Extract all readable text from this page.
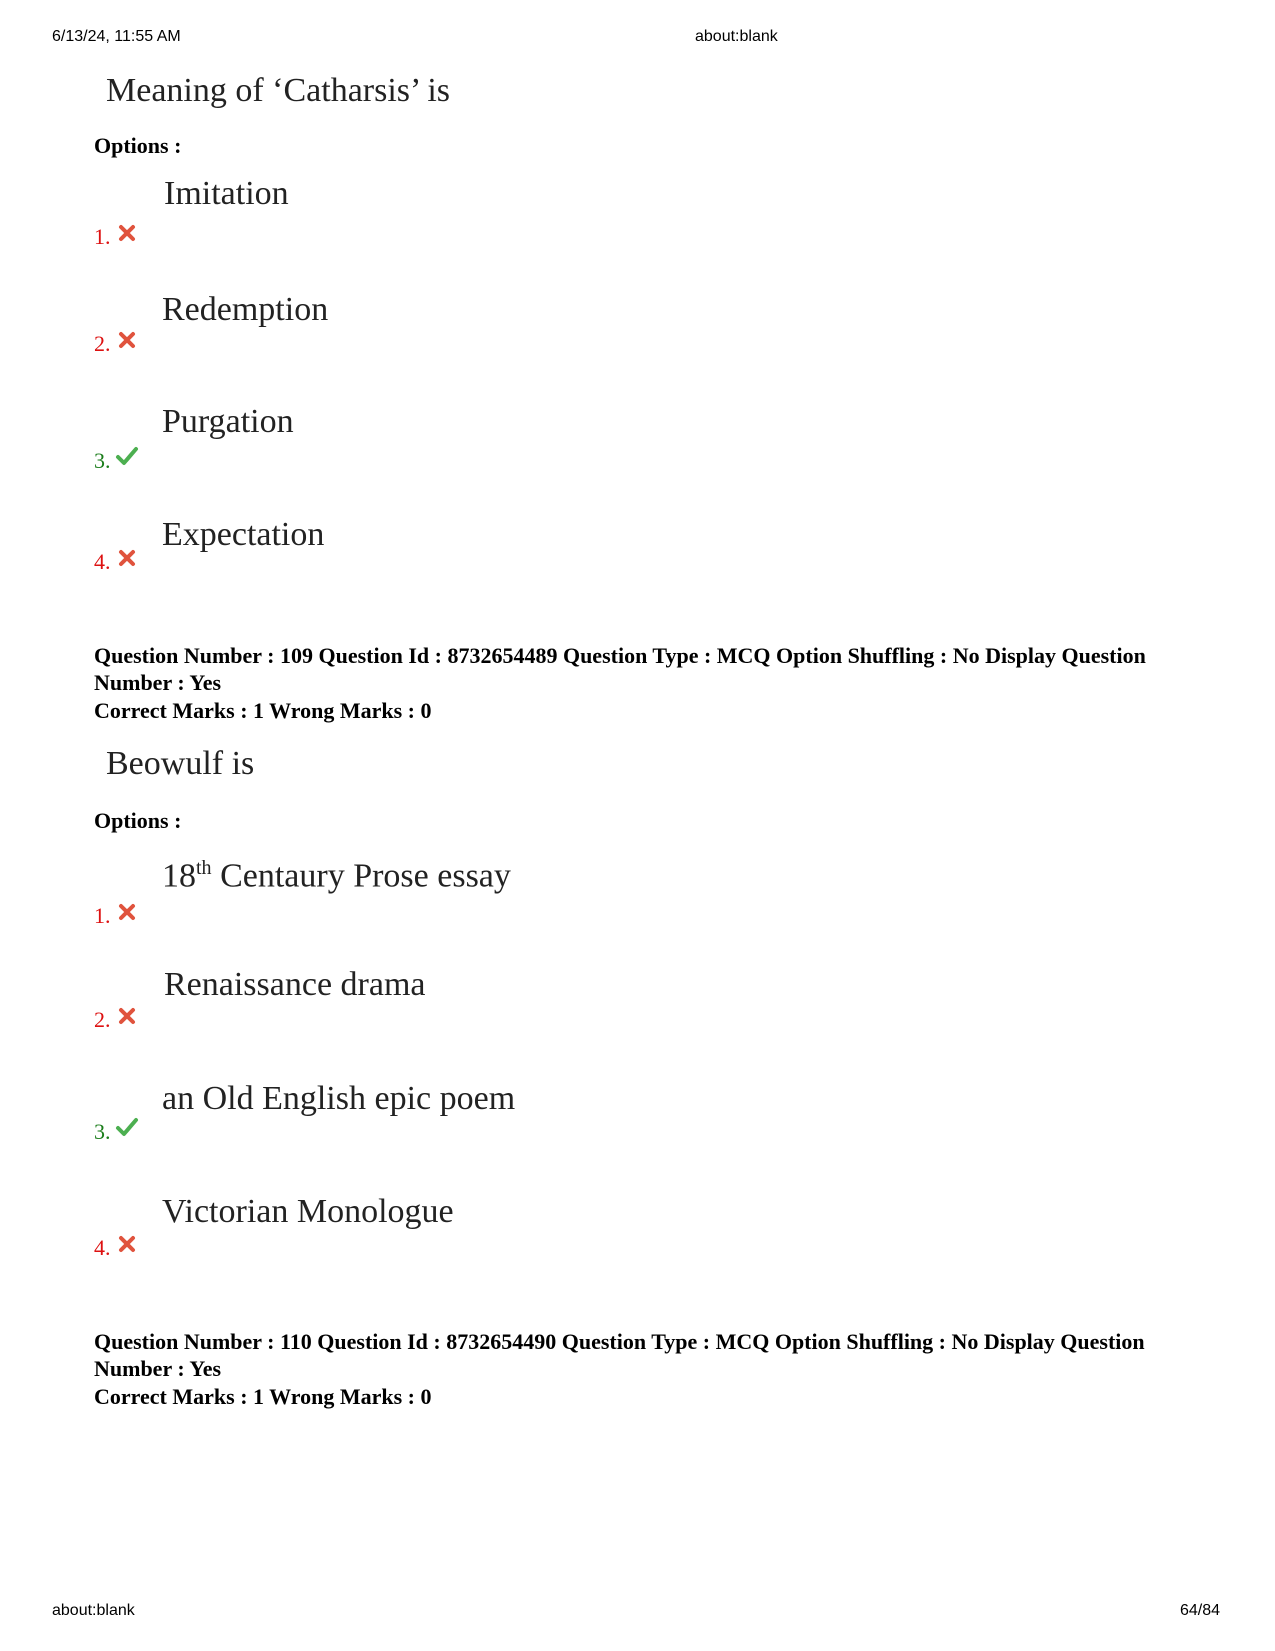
6/13/24, 11:55 AM	about:blank
about:blank	64/84
Meaning of ‘Catharsis’ is
Options :
Imitation
1.
Redemption
2.
Purgation
3.
Expectation
4.
Question Number : 109 Question Id : 8732654489 Question Type : MCQ Option Shuffling : No Display Question Number : Yes
Correct Marks : 1 Wrong Marks : 0
Beowulf is
Options :
18th Centaury Prose essay
1.
Renaissance drama
2.
an Old English epic poem
3.
Victorian Monologue
4.
Question Number : 110 Question Id : 8732654490 Question Type : MCQ Option Shuffling : No Display Question Number : Yes
Correct Marks : 1 Wrong Marks : 0
